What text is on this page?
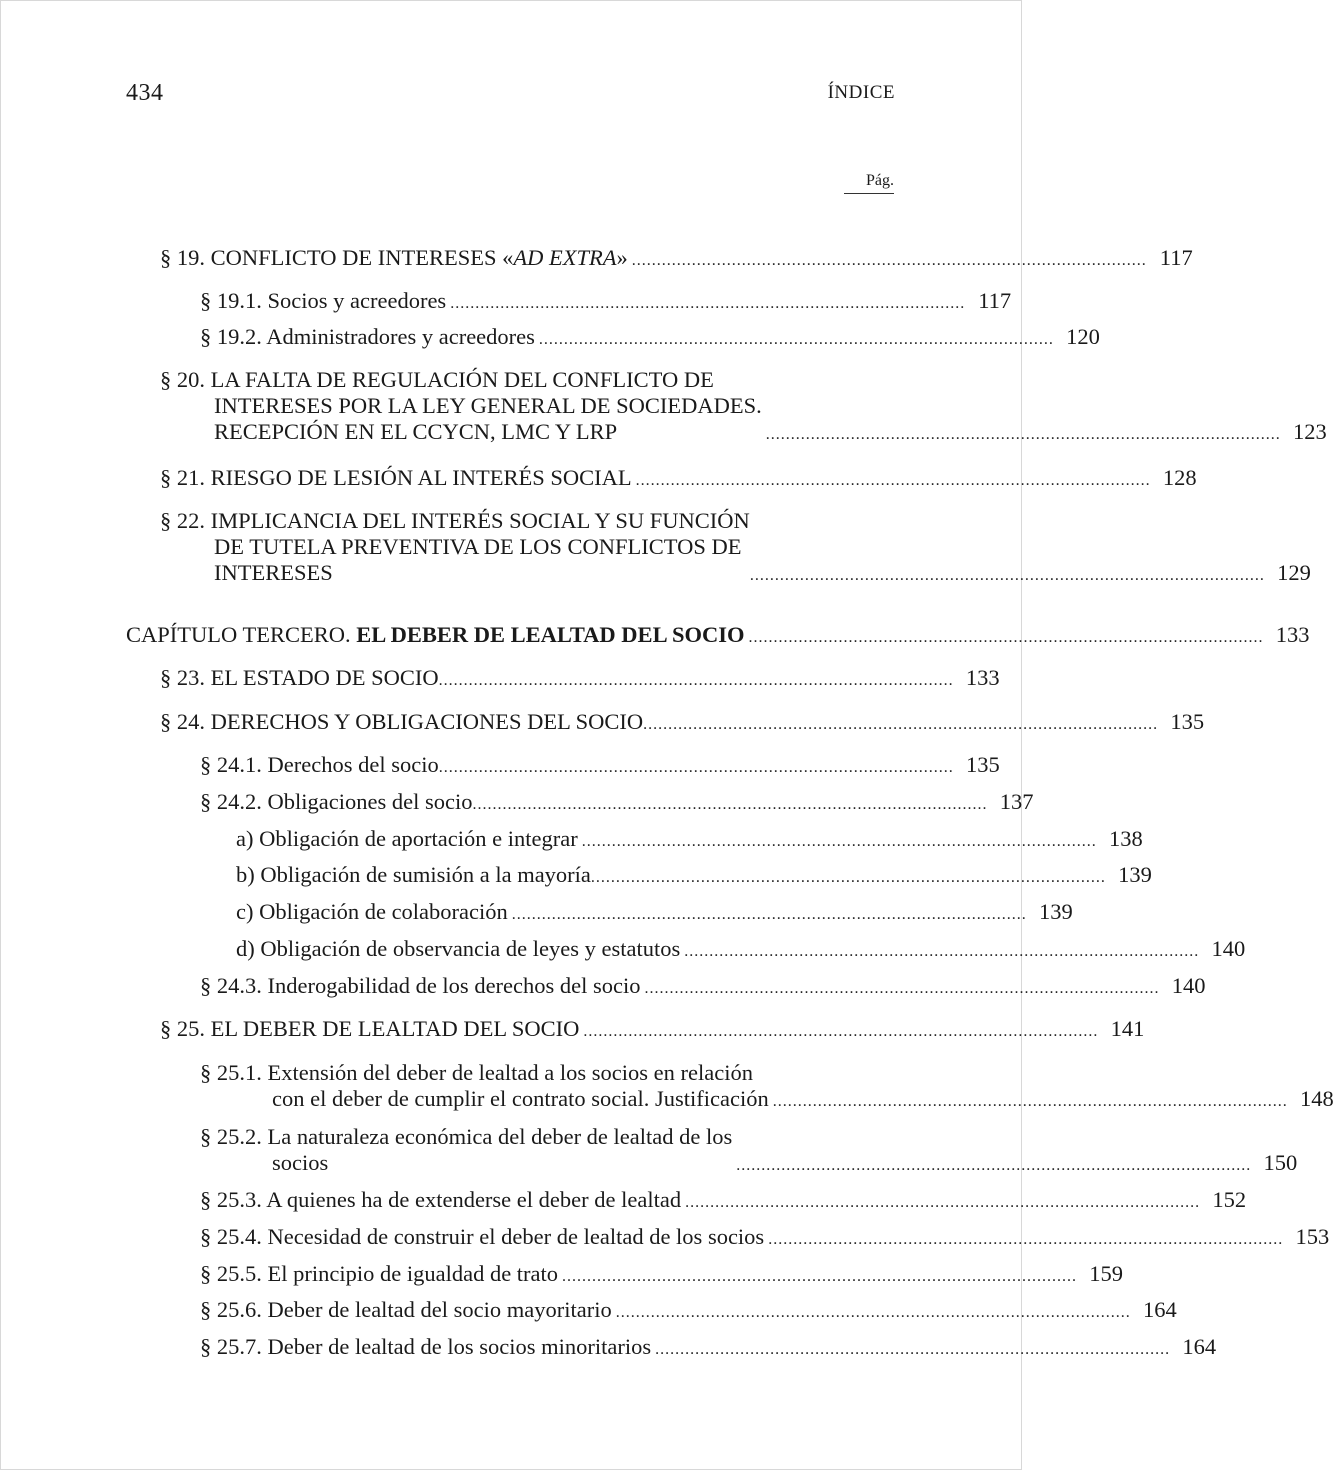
434	ÍNDICE
Pág.
§ 19. CONFLICTO DE INTERESES «AD EXTRA» ....................................................................................................... 117
§ 19.1. Socios y acreedores ....................................................................................................... 117
§ 19.2. Administradores y acreedores ....................................................................................................... 120
§ 20. LA FALTA DE REGULACIÓN DEL CONFLICTO DE
INTERESES POR LA LEY GENERAL DE SOCIEDADES.
RECEPCIÓN EN EL CCYCN, LMC Y LRP	....................................................................................................... 123
§ 21. RIESGO DE LESIÓN AL INTERÉS SOCIAL ....................................................................................................... 128
§ 22. IMPLICANCIA DEL INTERÉS SOCIAL Y SU FUNCIÓN
DE TUTELA PREVENTIVA DE LOS CONFLICTOS DE
INTERESES	....................................................................................................... 129
CAPÍTULO TERCERO. EL DEBER DE LEALTAD DEL SOCIO ....................................................................................................... 133
§ 23. EL ESTADO DE SOCIO ....................................................................................................... 133
§ 24. DERECHOS Y OBLIGACIONES DEL SOCIO ....................................................................................................... 135
§ 24.1. Derechos del socio ....................................................................................................... 135
§ 24.2. Obligaciones del socio ....................................................................................................... 137
a) Obligación de aportación e integrar ....................................................................................................... 138
b) Obligación de sumisión a la mayoría ....................................................................................................... 139
c) Obligación de colaboración ....................................................................................................... 139
d) Obligación de observancia de leyes y estatutos ....................................................................................................... 140
§ 24.3. Inderogabilidad de los derechos del socio ....................................................................................................... 140
§ 25. EL DEBER DE LEALTAD DEL SOCIO ....................................................................................................... 141
§ 25.1. Extensión del deber de lealtad a los socios en relación
con el deber de cumplir el contrato social. Justificación ....................................................................................................... 148
§ 25.2. La naturaleza económica del deber de lealtad de los
socios	....................................................................................................... 150
§ 25.3. A quienes ha de extenderse el deber de lealtad ....................................................................................................... 152
§ 25.4. Necesidad de construir el deber de lealtad de los socios ....................................................................................................... 153
§ 25.5. El principio de igualdad de trato ....................................................................................................... 159
§ 25.6. Deber de lealtad del socio mayoritario ....................................................................................................... 164
§ 25.7. Deber de lealtad de los socios minoritarios ....................................................................................................... 164
